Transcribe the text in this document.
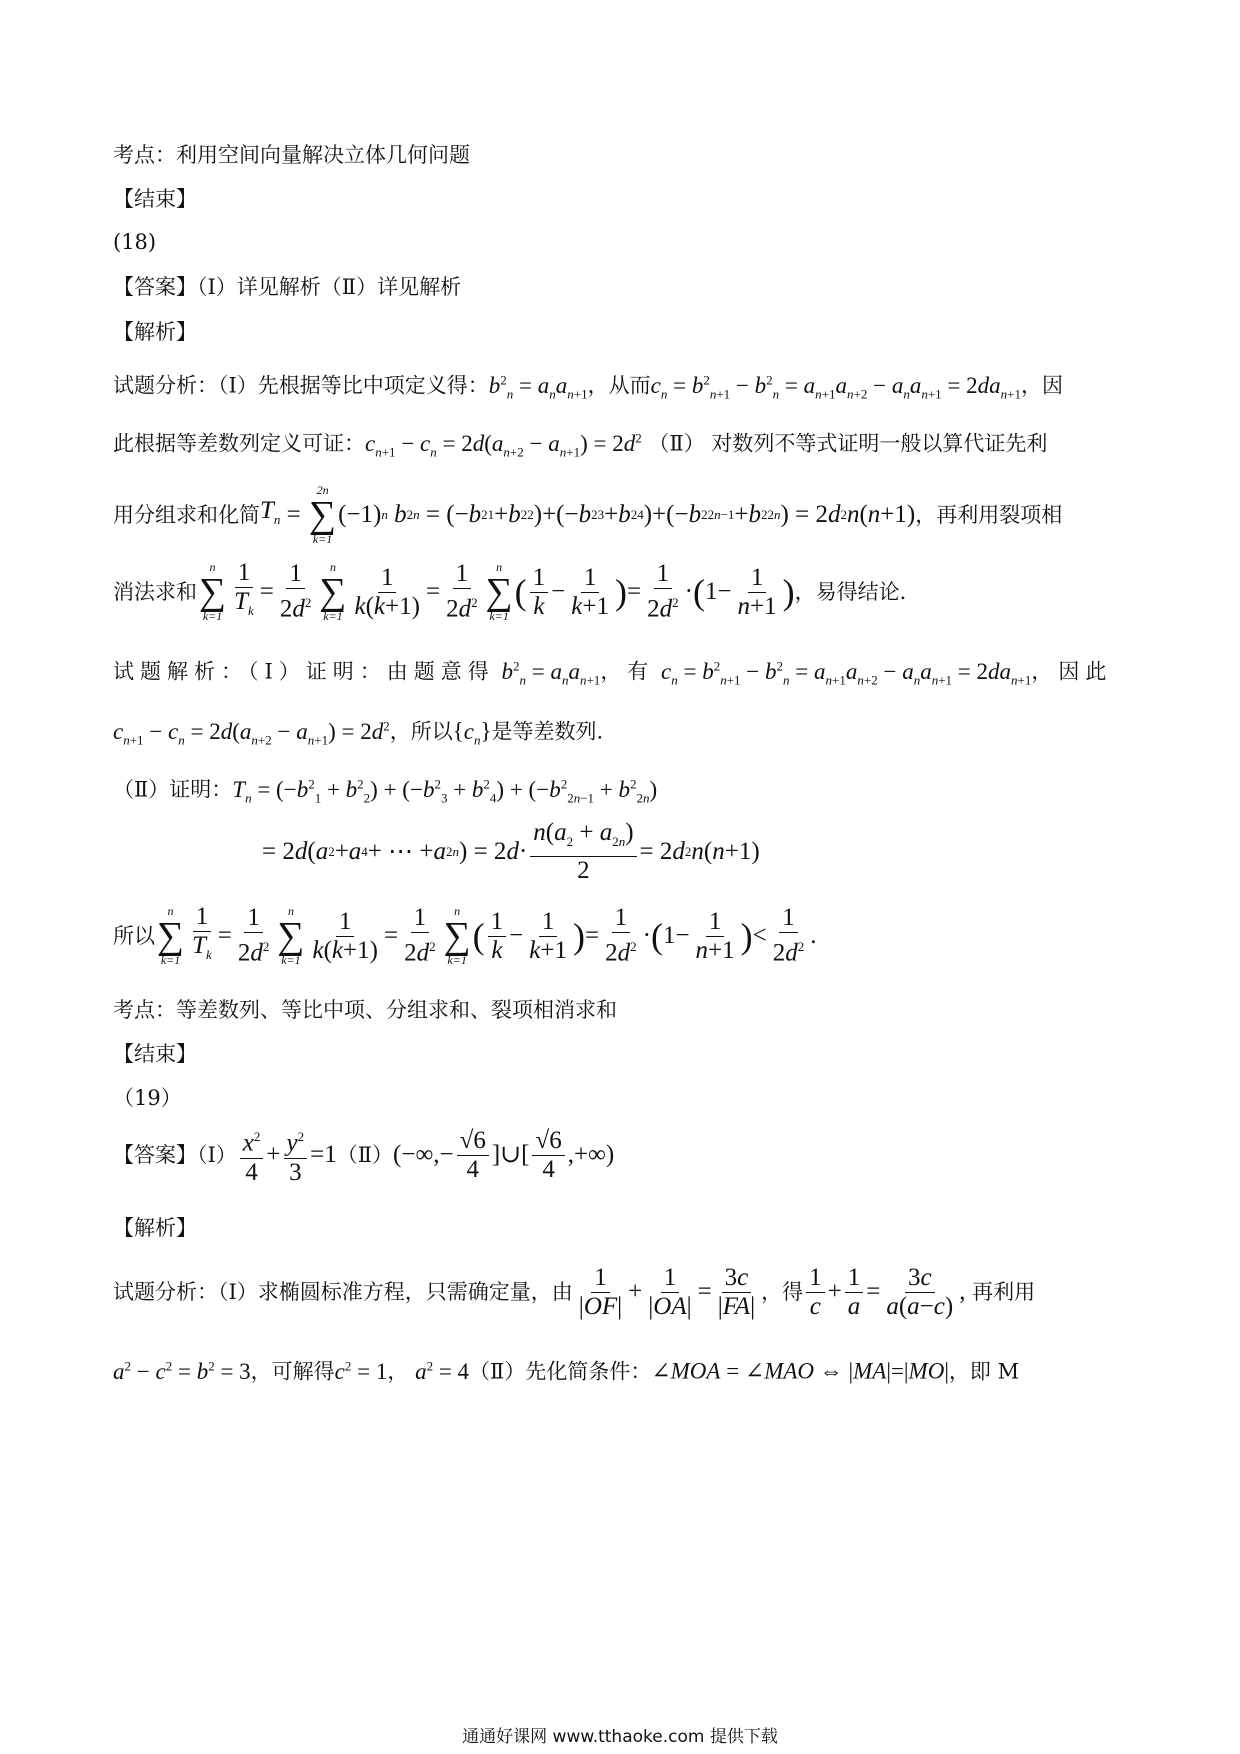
考点：利用空间向量解决立体几何问题
【结束】
(18)
【答案】（Ⅰ）详见解析（Ⅱ）详见解析
【解析】
试题分析：（Ⅰ）先根据等比中项定义得：$b^2_n = a_na_{n+1}$，从而$c_n = b^2_{n+1} - b^2_n = a_{n+1}a_{n+2} - a_na_{n+1} = 2da_{n+1}$，因
此根据等差数列定义可证：$c_{n+1} - c_n = 2d(a_{n+2} - a_{n+1}) = 2d^2$ （Ⅱ） 对数列不等式证明一般以算代证先利
用分组求和化简 $T_n$ =
2n
∑
k=1
(−1) n
b 2 n = (− b 2 1 + b 2 2 )+(− b 2 3 + b 2 4 )+(− b 2 2n−1 + b 2 2n ) = 2 d 2 n ( n +1) ，再利用裂项相
消法求和
n
∑
$k=1 \frac{1}{T_k} = \frac{1}{2d^2}$ n
∑
$k=1 \frac{1}{k(k+1)} = \frac{1}{2d^2}$ n
∑
k=1
( $\frac{1}{k} - \frac{1}{k+1}$ ) = $\frac{1}{2d^2}$ · ( $1- \frac{1}{n+1}$ ) ，易得结论.
试题解析：（Ⅰ）证明：由题意得 $b^2_n = a_na_{n+1}$，有 $c_n = b^2_{n+1} - b^2_n = a_{n+1}a_{n+2} - a_na_{n+1} = 2da_{n+1}$，因此
$c_{n+1} - c_n = 2d(a_{n+2} - a_{n+1}) = 2d^2$，所以$\{c_n\}$是等差数列.
（Ⅱ）证明：$T_n = (-b^2_1 + b^2_2) + (-b^2_3 + b^2_4) + (-b^2_{2n-1} + b^2_{2n})$
= 2 d ( a 2 + a 4 + ⋯ + a 2n ) = 2 $d \cdot \frac{n(a_2 + a_{2n})}{2} = 2$ d 2 n ( n +1)
所以
n
∑
$k=1 \frac{1}{T_k} = \frac{1}{2d^2}$ n
∑
$k=1 \frac{1}{k(k+1)} = \frac{1}{2d^2}$ n
∑
k=1
( $\frac{1}{k} - \frac{1}{k+1}$ ) = $\frac{1}{2d^2}$ · ( $1- \frac{1}{n+1}$ ) < $\frac{1}{2d^2}$ .
考点：等差数列、等比中项、分组求和、裂项相消求和
【结束】
（19）
【答案】（Ⅰ） $\frac{x^2}{4} + \frac{y^2}{3} =1$ （Ⅱ） (−∞,− $\frac{√6}{4}$ ]∪[ $\frac{√6}{4}$ ,+∞)
【解析】
试题分析：（Ⅰ）求椭圆标准方程，只需确定量，由 $\frac{1}{|OF|} + \frac{1}{|OA|} = \frac{3c}{|FA|}$ ，得 $\frac{1}{c} + \frac{1}{a} = \frac{3c}{a(a-c)}$ ,
再利用
$a^2 - c^2 = b^2 = 3$，可解得$c^2 = 1$， $a^2$ = 4（Ⅱ）先化简条件：∠MOA = ∠MAO ⇔ |MA|=|MO|，即 M
通通好课网 www.tthaoke.com 提供下载
